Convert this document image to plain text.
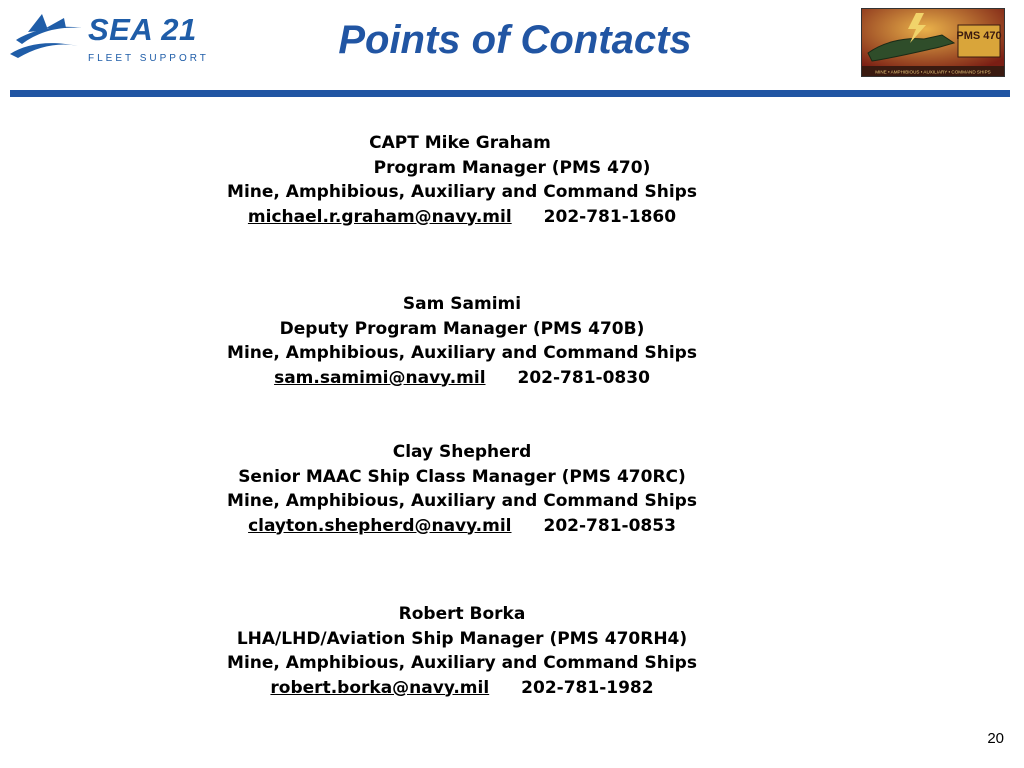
SEA 21
FLEET SUPPORT	Points of Contacts	PMS 470
MINE • AMPHIBIOUS • AUXILIARY • COMMAND SHIPS
CAPT Mike Graham
Program Manager (PMS 470)
Mine, Amphibious, Auxiliary and Command Ships
michael.r.graham@navy.mil 202-781-1860
Sam Samimi
Deputy Program Manager (PMS 470B)
Mine, Amphibious, Auxiliary and Command Ships
sam.samimi@navy.mil 202-781-0830
Clay Shepherd
Senior MAAC Ship Class Manager (PMS 470RC)
Mine, Amphibious, Auxiliary and Command Ships
clayton.shepherd@navy.mil 202-781-0853
Robert Borka
LHA/LHD/Aviation Ship Manager (PMS 470RH4)
Mine, Amphibious, Auxiliary and Command Ships
robert.borka@navy.mil 202-781-1982
20
